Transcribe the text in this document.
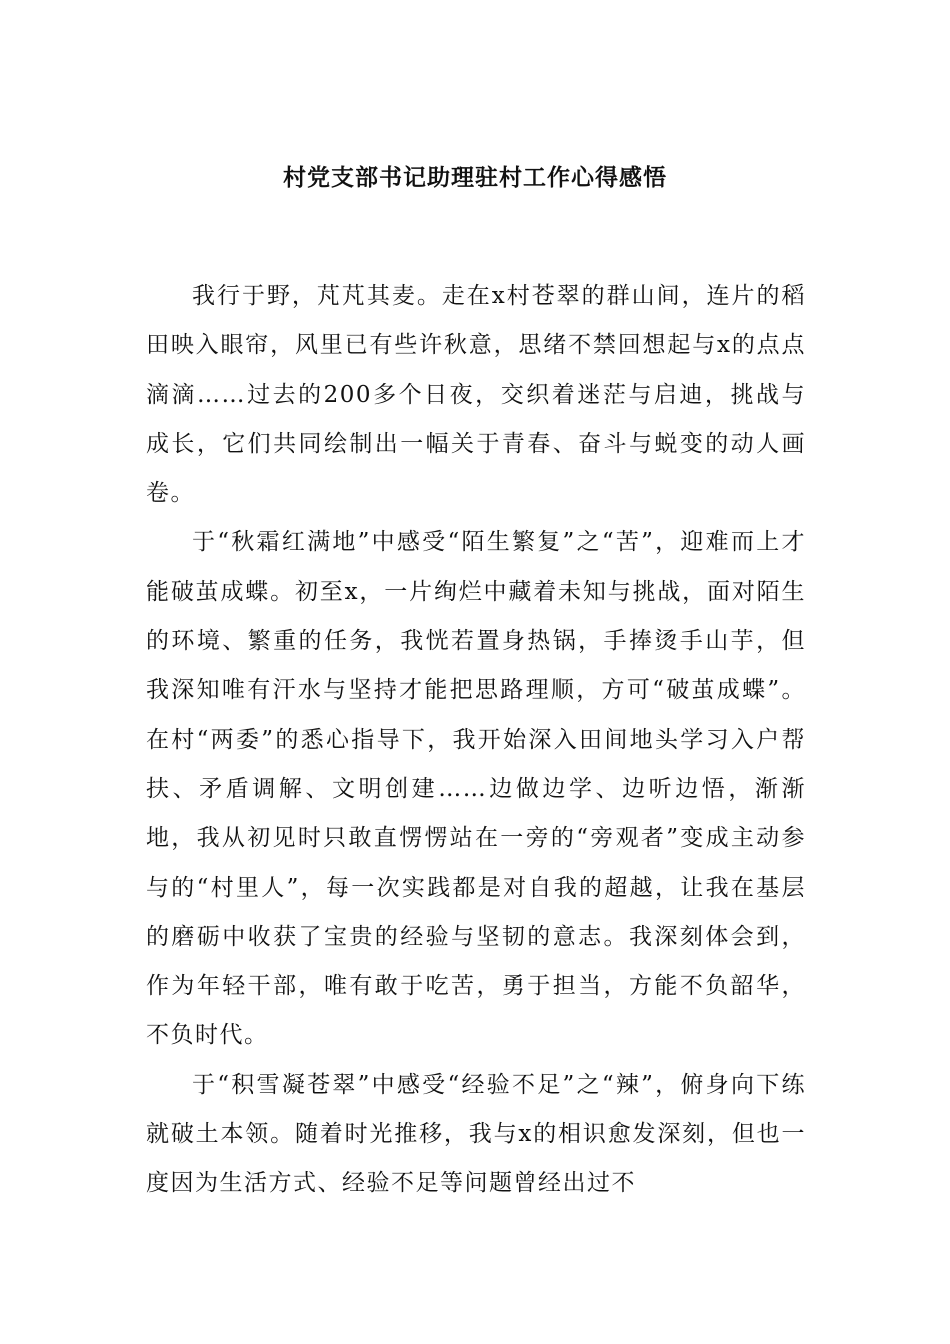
村党支部书记助理驻村工作心得感悟

我行于野，芃芃其麦。走在x村苍翠的群山间，连片的稻田映入眼帘，风里已有些许秋意，思绪不禁回想起与x的点点滴滴……过去的200多个日夜，交织着迷茫与启迪，挑战与成长，它们共同绘制出一幅关于青春、奋斗与蜕变的动人画卷。

于“秋霜红满地”中感受“陌生繁复”之“苦”，迎难而上才能破茧成蝶。初至x，一片绚烂中藏着未知与挑战，面对陌生的环境、繁重的任务，我恍若置身热锅，手捧烫手山芋，但我深知唯有汗水与坚持才能把思路理顺，方可“破茧成蝶”。在村“两委”的悉心指导下，我开始深入田间地头学习入户帮扶、矛盾调解、文明创建……边做边学、边听边悟，渐渐地，我从初见时只敢直愣愣站在一旁的“旁观者”变成主动参与的“村里人”，每一次实践都是对自我的超越，让我在基层的磨砺中收获了宝贵的经验与坚韧的意志。我深刻体会到，作为年轻干部，唯有敢于吃苦，勇于担当，方能不负韶华，不负时代。

于“积雪凝苍翠”中感受“经验不足”之“辣”，俯身向下练就破土本领。随着时光推移，我与x的相识愈发深刻，但也一度因为生活方式、经验不足等问题曾经出过不
